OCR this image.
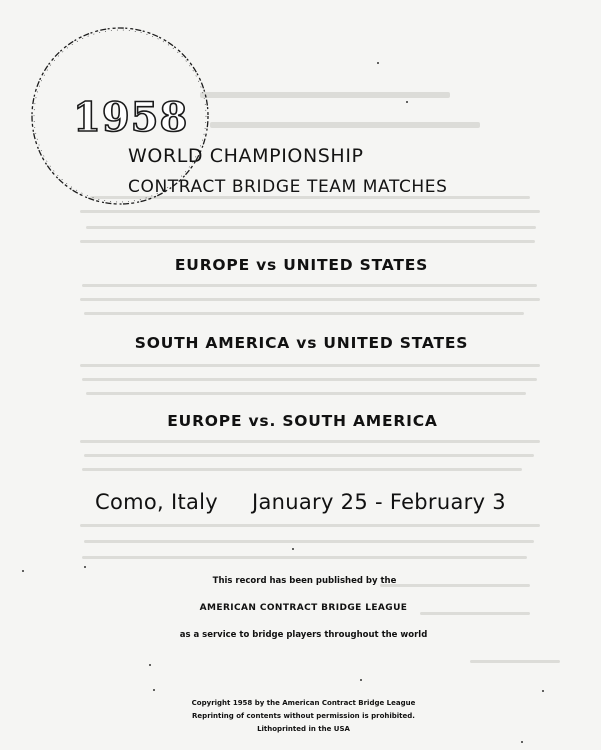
1958
WORLD CHAMPIONSHIP
CONTRACT BRIDGE TEAM MATCHES
EUROPE vs UNITED STATES
SOUTH AMERICA vs UNITED STATES
EUROPE vs. SOUTH AMERICA
Como, Italy January 25 - February 3
This record has been published by the
AMERICAN CONTRACT BRIDGE LEAGUE
as a service to bridge players throughout the world
Copyright 1958 by the American Contract Bridge League
Reprinting of contents without permission is prohibited.
Lithoprinted in the USA
